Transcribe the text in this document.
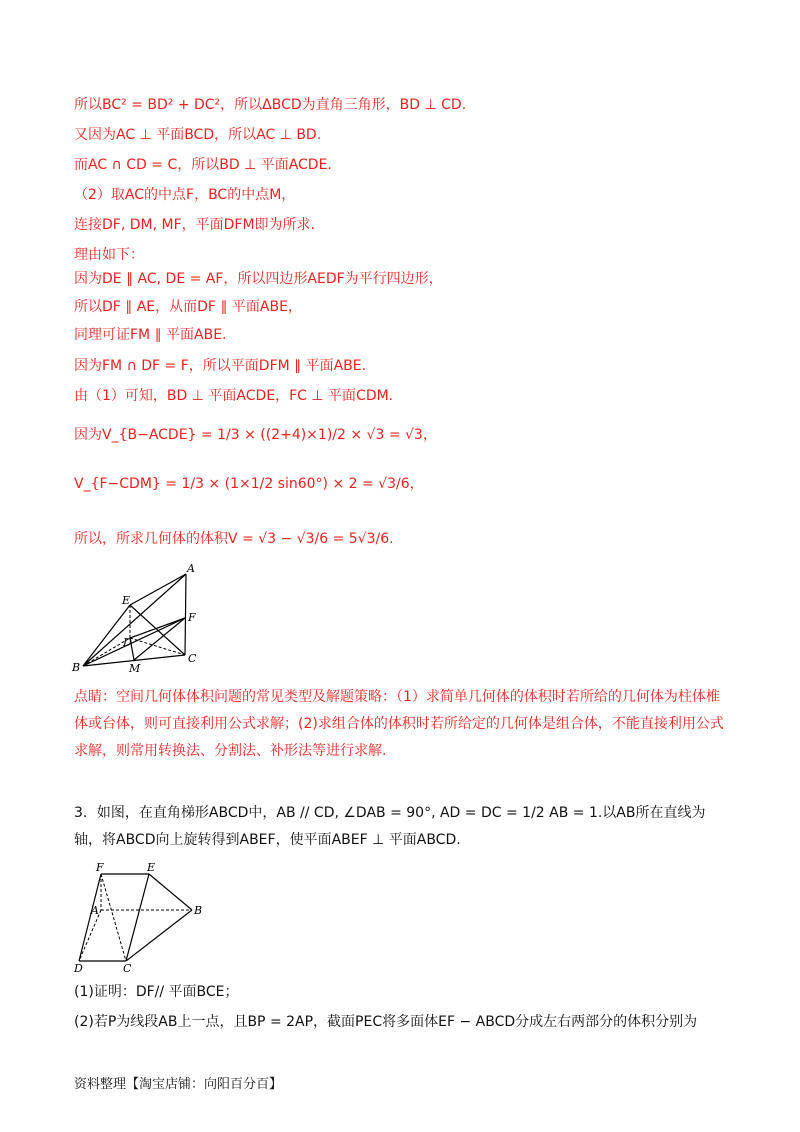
所以BC² = BD² + DC²，所以ΔBCD为直角三角形，BD ⊥ CD.
又因为AC ⊥ 平面BCD，所以AC ⊥ BD.
而AC ∩ CD = C，所以BD ⊥ 平面ACDE.
（2）取AC的中点F，BC的中点M，
连接DF, DM, MF，平面DFM即为所求.
理由如下：
因为DE ∥ AC, DE = AF，所以四边形AEDF为平行四边形，
所以DF ∥ AE，从而DF ∥ 平面ABE，
同理可证FM ∥ 平面ABE.
因为FM ∩ DF = F，所以平面DFM ∥ 平面ABE.
由（1）可知，BD ⊥ 平面ACDE，FC ⊥ 平面CDM.
因为V_{B−ACDE} = 1/3 × ((2+4)×1)/2 × √3 = √3，
V_{F−CDM} = 1/3 × (1×1/2 sin60°) × 2 = √3/6，
所以，所求几何体的体积V = √3 − √3/6 = 5√3/6.
A
E
F
D
B	M
C
点睛：空间几何体体积问题的常见类型及解题策略：（1）求简单几何体的体积时若所给的几何体为柱体椎体或台体，则可直接利用公式求解；(2)求组合体的体积时若所给定的几何体是组合体，不能直接利用公式求解，则常用转换法、分割法、补形法等进行求解.
3．如图，在直角梯形ABCD中，AB // CD, ∠DAB = 90°, AD = DC = 1/2 AB = 1.以AB所在直线为轴，将ABCD向上旋转得到ABEF，使平面ABEF ⊥ 平面ABCD.
F	E
A	B
D	C
(1)证明：DF// 平面BCE；
(2)若P为线段AB上一点，且BP = 2AP，截面PEC将多面体EF − ABCD分成左右两部分的体积分别为
资料整理【淘宝店铺：向阳百分百】
